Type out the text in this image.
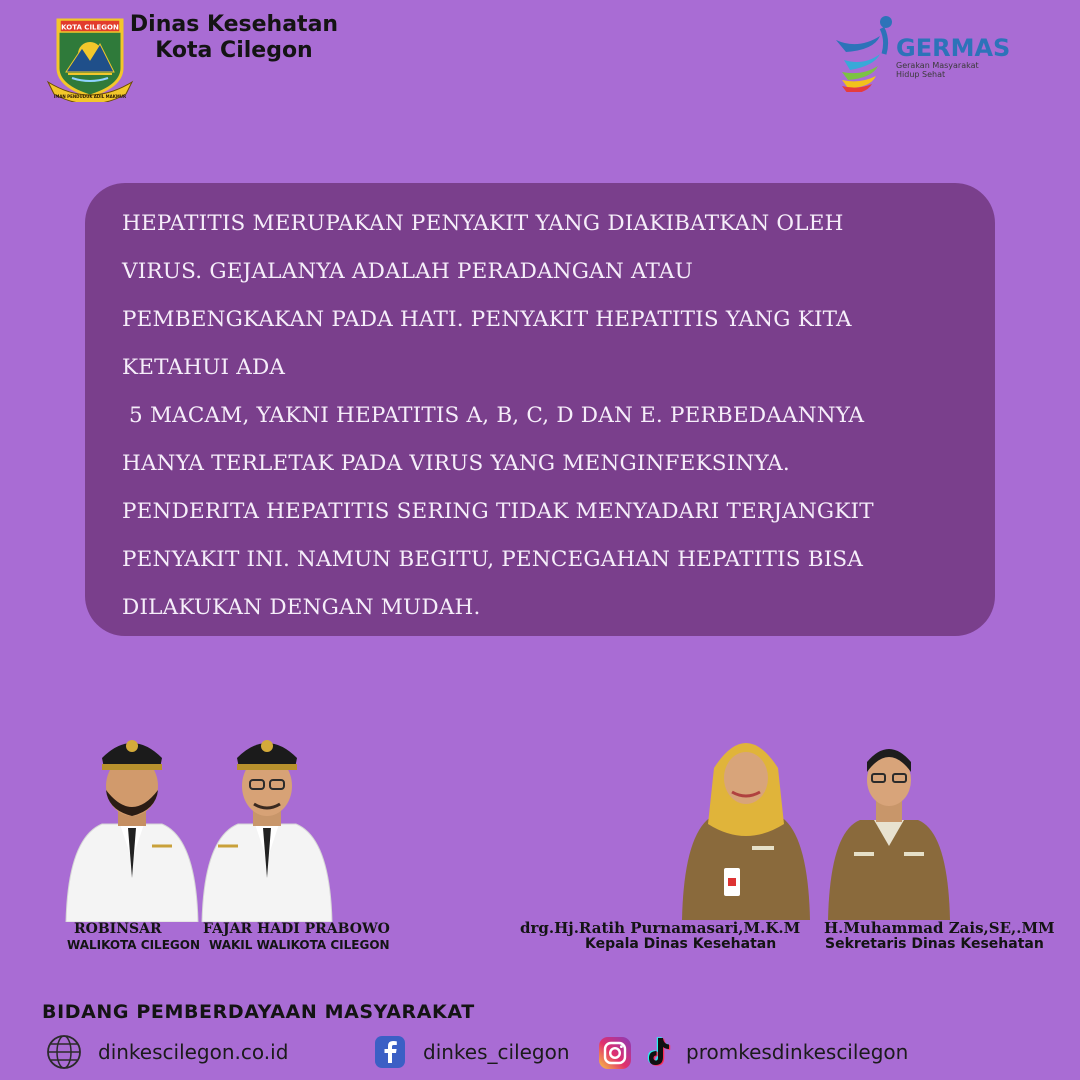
KOTA CILEGON
IMAN PENDUDUK ADIL MAKMUR
Dinas Kesehatan
Kota Cilegon	GERMAS
Gerakan Masyarakat
Hidup Sehat

HEPATITIS MERUPAKAN PENYAKIT YANG DIAKIBATKAN OLEH
VIRUS. GEJALANYA ADALAH PERADANGAN ATAU
PEMBENGKAKAN PADA HATI. PENYAKIT HEPATITIS YANG KITA
KETAHUI ADA
5 MACAM, YAKNI HEPATITIS A, B, C, D DAN E. PERBEDAANNYA
HANYA TERLETAK PADA VIRUS YANG MENGINFEKSINYA.
PENDERITA HEPATITIS SERING TIDAK MENYADARI TERJANGKIT
PENYAKIT INI. NAMUN BEGITU, PENCEGAHAN HEPATITIS BISA
DILAKUKAN DENGAN MUDAH.

ROBINSAR
WALIKOTA CILEGON
FAJAR HADI PRABOWO
WAKIL WALIKOTA CILEGON
drg.Hj.Ratih Purnamasari,M.K.M
Kepala Dinas Kesehatan
H.Muhammad Zais,SE,.MM
Sekretaris Dinas Kesehatan
BIDANG PEMBERDAYAAN MASYARAKAT
dinkescilegon.co.id	dinkes_cilegon	promkesdinkescilegon
